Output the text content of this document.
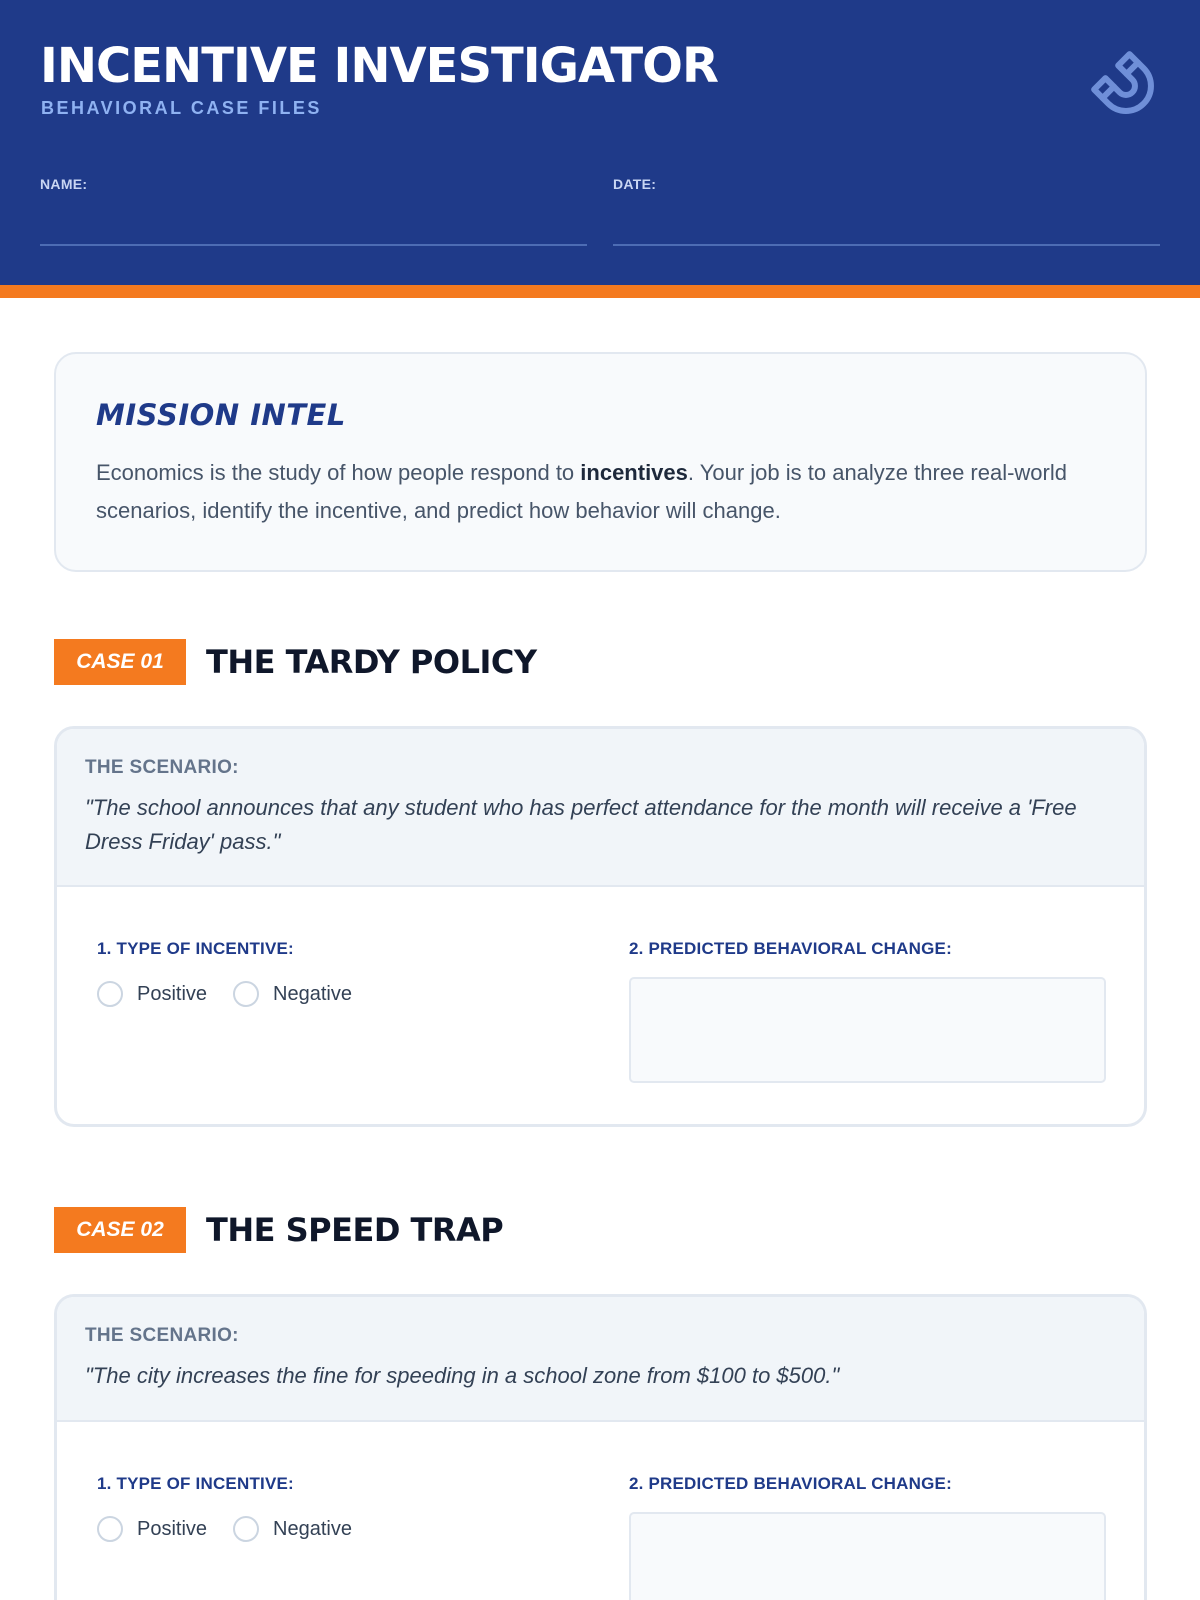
INCENTIVE INVESTIGATOR
BEHAVIORAL CASE FILES
NAME:	DATE:
MISSION INTEL
Economics is the study of how people respond to incentives. Your job is to analyze three real-world scenarios, identify the incentive, and predict how behavior will change.
CASE 01	THE TARDY POLICY
THE SCENARIO:
"The school announces that any student who has perfect attendance for the month will receive a 'Free Dress Friday' pass."
1. TYPE OF INCENTIVE:
Positive	Negative
2. PREDICTED BEHAVIORAL CHANGE:
CASE 02	THE SPEED TRAP
THE SCENARIO:
"The city increases the fine for speeding in a school zone from $100 to $500."
1. TYPE OF INCENTIVE:
Positive	Negative
2. PREDICTED BEHAVIORAL CHANGE:
